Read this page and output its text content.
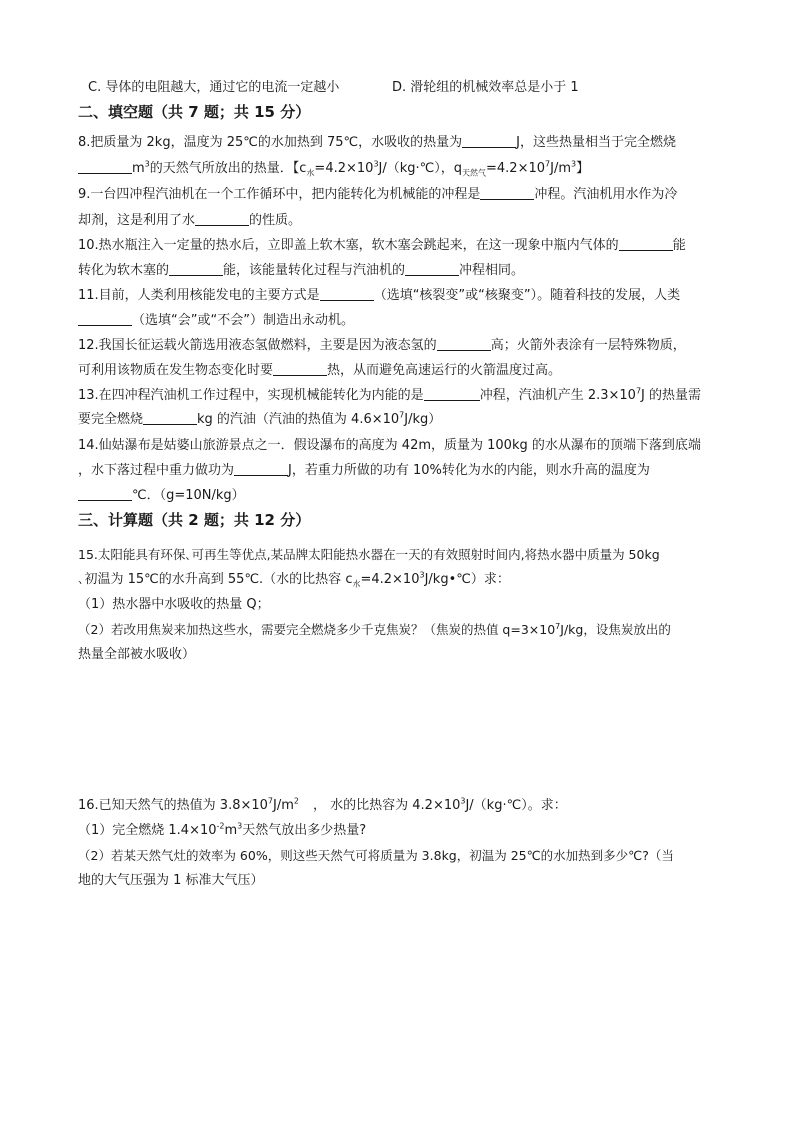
C. 导体的电阻越大，通过它的电流一定越小	D. 滑轮组的机械效率总是小于 1
二、填空题（共 7 题；共 15 分）
8.把质量为 2kg，温度为 25℃的水加热到 75℃，水吸收的热量为	J，这些热量相当于完全燃烧
$m^3$的天然气所放出的热量．【$c_水=4.2\times 10^3J/(kg\cdot℃)$，$q_{天然气}=4.2\times 10^7J/m^3$】
9.一台四冲程汽油机在一个工作循环中，把内能转化为机械能的冲程是	冲程。汽油机用水作为冷
却剂，这是利用了水	的性质。
10.热水瓶注入一定量的热水后，立即盖上软木塞，软木塞会跳起来，在这一现象中瓶内气体的	能
转化为软木塞的	能，该能量转化过程与汽油机的	冲程相同。
11.目前，人类利用核能发电的主要方式是	（选填“核裂变”或“核聚变”）。随着科技的发展，人类
（选填“会”或“不会”）制造出永动机。
12.我国长征运载火箭选用液态氢做燃料，主要是因为液态氢的	高；火箭外表涂有一层特殊物质，
可利用该物质在发生物态变化时要	热，从而避免高速运行的火箭温度过高。
13.在四冲程汽油机工作过程中，实现机械能转化为内能的是	冲程，汽油机产生 $2.3\times 10^7J$ 的热量需
要完全燃烧	kg 的汽油（汽油的热值为 $4.6\times 10^7J/kg$）
14.仙姑瀑布是姑婆山旅游景点之一．假设瀑布的高度为 42m，质量为 100kg 的水从瀑布的顶端下落到底端
，水下落过程中重力做功为	J，若重力所做的功有 10%转化为水的内能，则水升高的温度为
℃．（g=10N/kg）
三、计算题（共 2 题；共 12 分）
15.太阳能具有环保､可再生等优点,某品牌太阳能热水器在一天的有效照射时间内,将热水器中质量为 50kg
､初温为 15℃的水升高到 55℃.（水的比热容 $c_水=4.2\times 10^3J/kg•℃$）求：
（1）热水器中水吸收的热量 Q；
（2）若改用焦炭来加热这些水，需要完全燃烧多少千克焦炭？（焦炭的热值 $q=3\times 10^7J/kg$，设焦炭放出的
热量全部被水吸收）
16.已知天然气的热值为 $3.8\times 10^7J/m^2$ ， 水的比热容为 $4.2\times 10^3J/(kg\cdot℃)$。求：
（1）完全燃烧 $1.4\times 10^{-2}m^3$天然气放出多少热量?
（2）若某天然气灶的效率为 60%，则这些天然气可将质量为 3.8kg，初温为 25℃的水加热到多少℃?（当
地的大气压强为 1 标准大气压）
